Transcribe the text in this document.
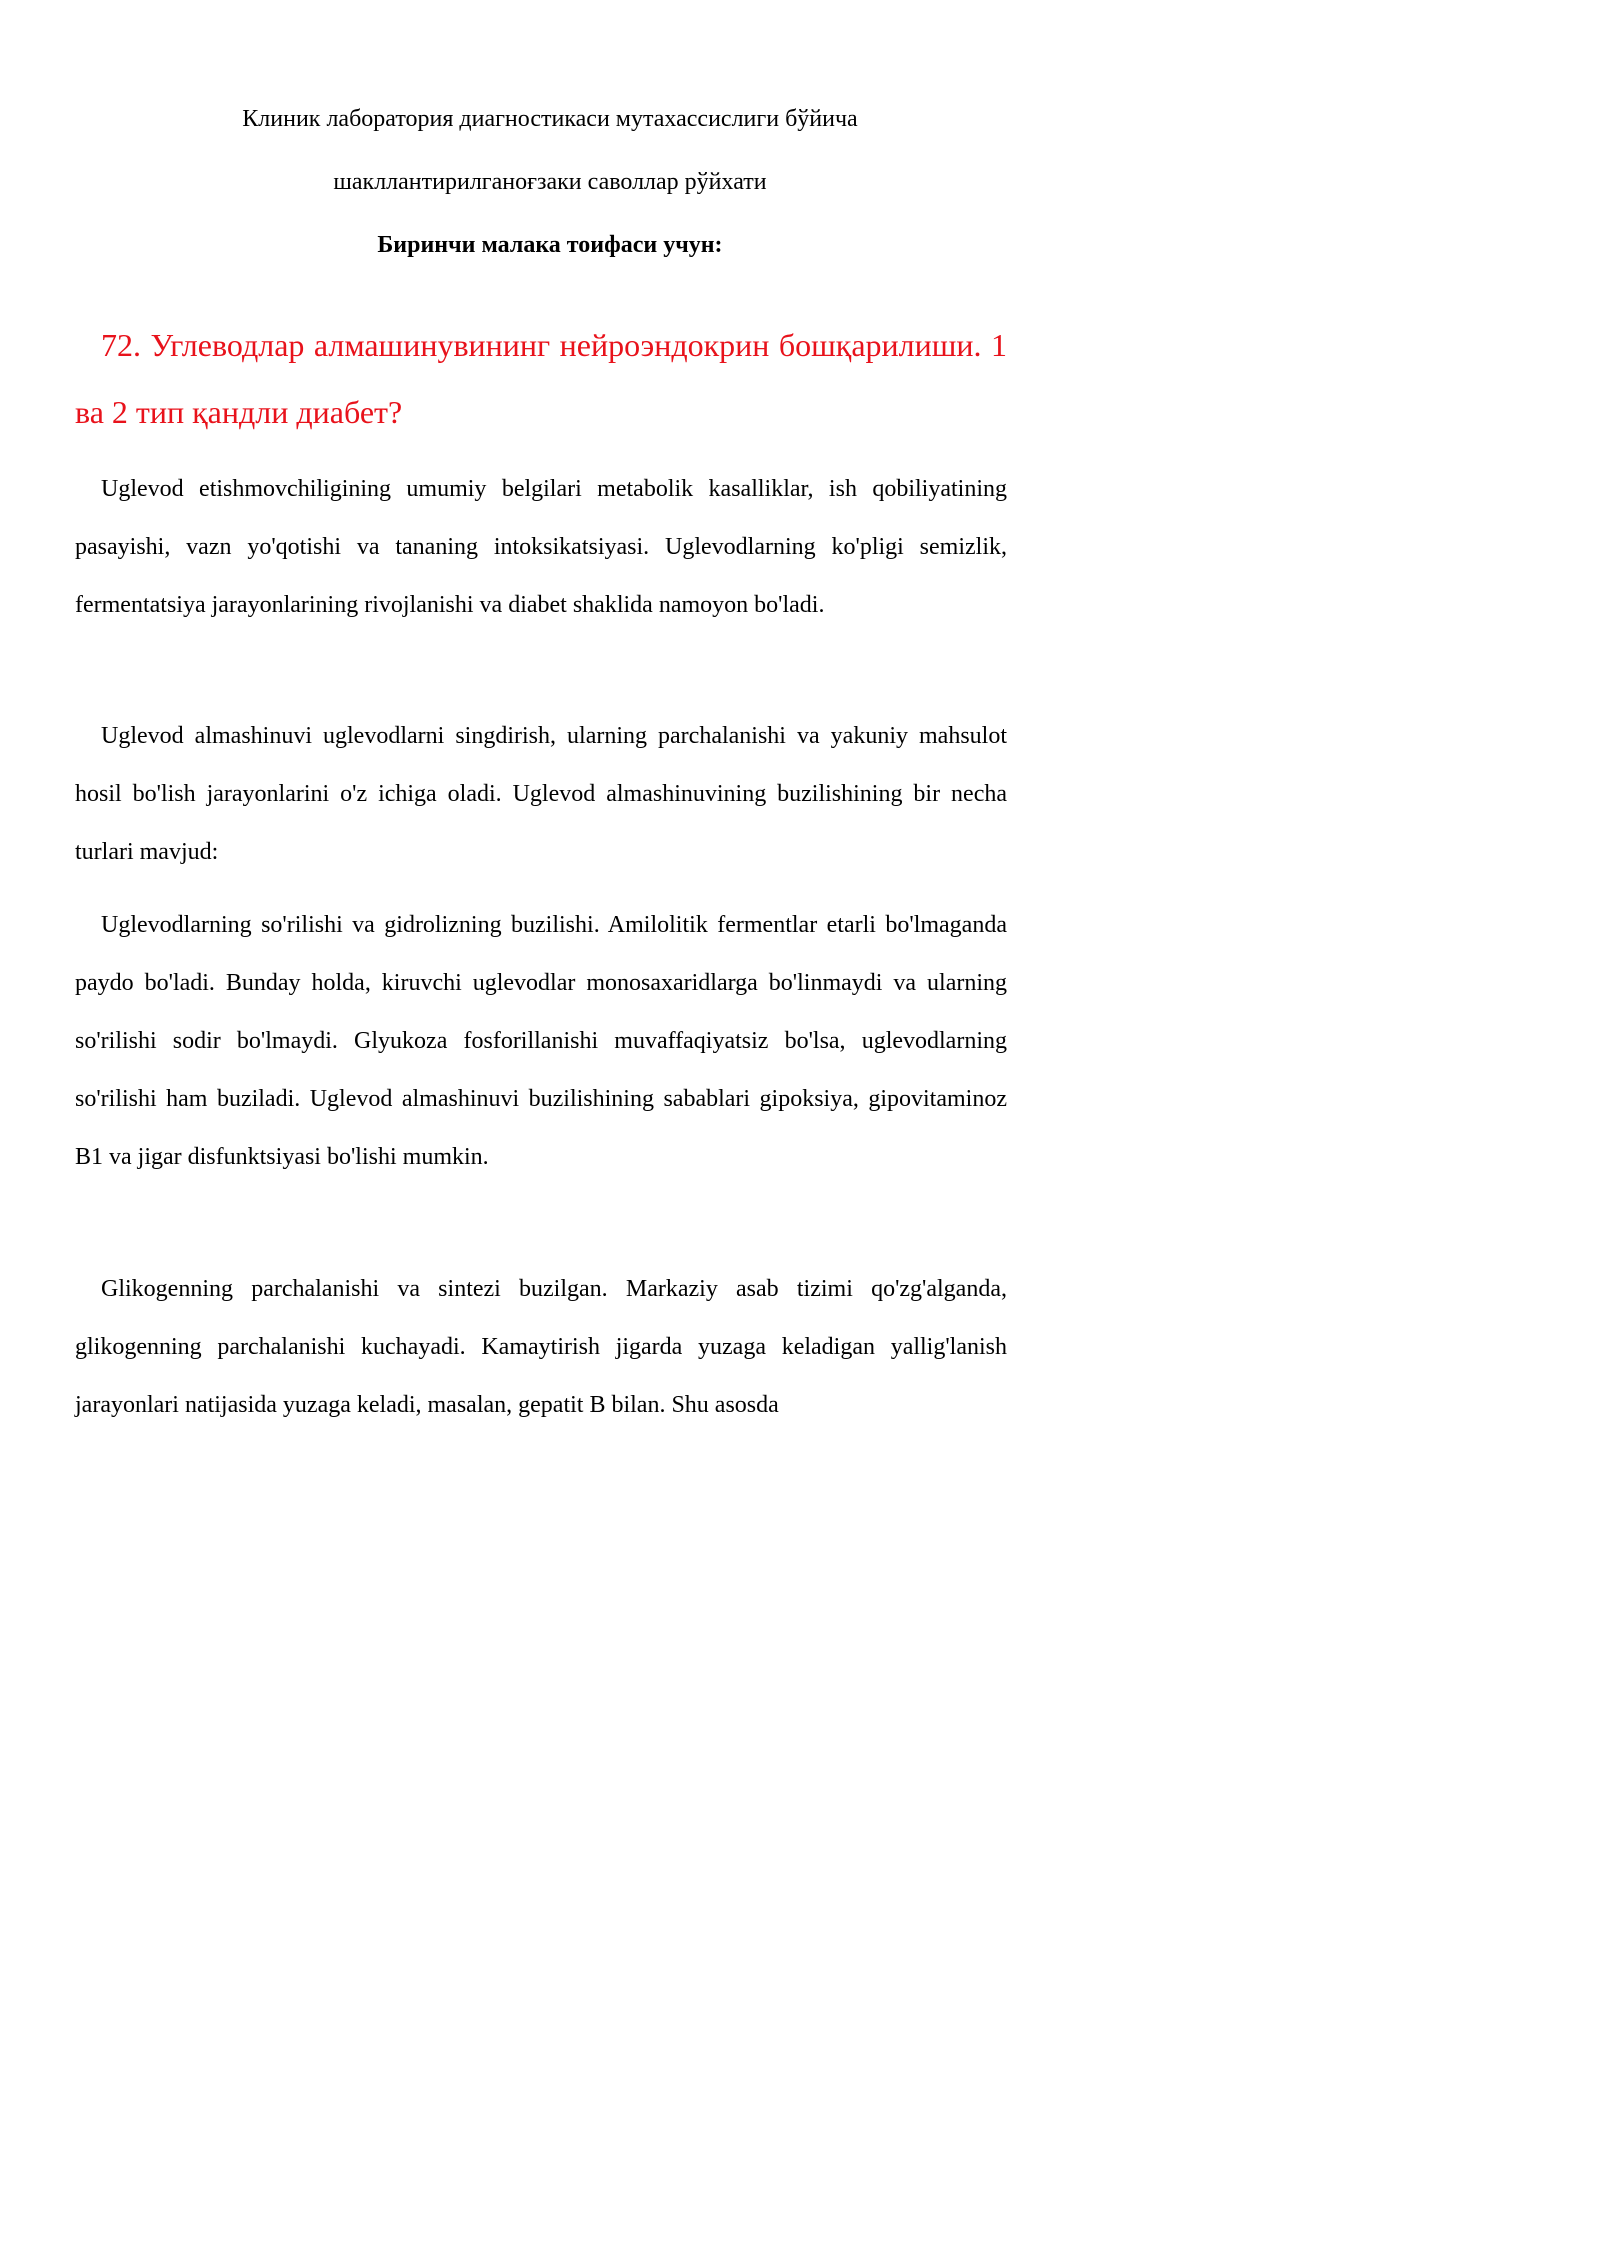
Клиник лаборатория диагностикаси мутахассислиги бўйича
шакллантирилганоғзаки саволлар рўйхати
Биринчи малака тоифаси учун:
72. Углеводлар алмашинувининг нейроэндокрин бошқарилиши. 1 ва 2 тип қандли диабет?

Uglevod etishmovchiligining umumiy belgilari metabolik kasalliklar, ish qobiliyatining pasayishi, vazn yo'qotishi va tananing intoksikatsiyasi. Uglevodlarning ko'pligi semizlik, fermentatsiya jarayonlarining rivojlanishi va diabet shaklida namoyon bo'ladi.

Uglevod almashinuvi uglevodlarni singdirish, ularning parchalanishi va yakuniy mahsulot hosil bo'lish jarayonlarini o'z ichiga oladi. Uglevod almashinuvining buzilishining bir necha turlari mavjud:

Uglevodlarning so'rilishi va gidrolizning buzilishi. Amilolitik fermentlar etarli bo'lmaganda paydo bo'ladi. Bunday holda, kiruvchi uglevodlar monosaxaridlarga bo'linmaydi va ularning so'rilishi sodir bo'lmaydi. Glyukoza fosforillanishi muvaffaqiyatsiz bo'lsa, uglevodlarning so'rilishi ham buziladi. Uglevod almashinuvi buzilishining sabablari gipoksiya, gipovitaminoz B1 va jigar disfunktsiyasi bo'lishi mumkin.

Glikogenning parchalanishi va sintezi buzilgan. Markaziy asab tizimi qo'zg'alganda, glikogenning parchalanishi kuchayadi. Kamaytirish jigarda yuzaga keladigan yallig'lanish jarayonlari natijasida yuzaga keladi, masalan, gepatit B bilan. Shu asosda
